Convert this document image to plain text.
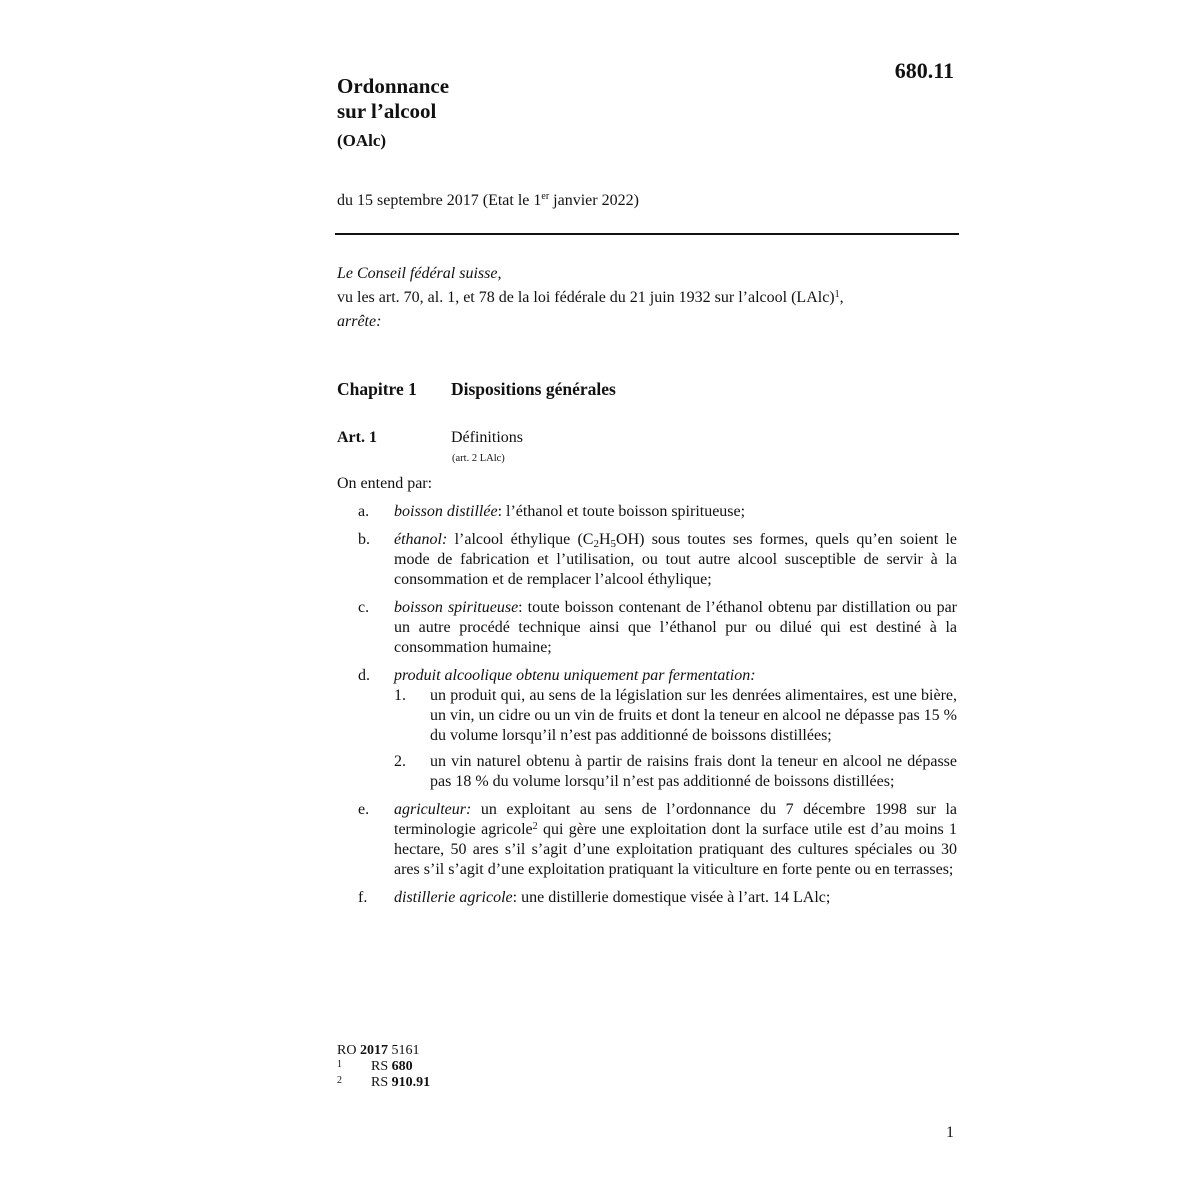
680.11
Ordonnance
sur l’alcool
(OAlc)
du 15 septembre 2017 (Etat le 1er janvier 2022)
Le Conseil fédéral suisse,
vu les art. 70, al. 1, et 78 de la loi fédérale du 21 juin 1932 sur l’alcool (LAlc)$^1$,
arrête:
Chapitre 1 Dispositions générales
Art. 1	Définitions
(art. 2 LAlc)
On entend par:
a. boisson distillée: l’éthanol et toute boisson spiritueuse;
b. éthanol: l’alcool éthylique $(C_2H_5OH)$ sous toutes ses formes, quels qu’en soient le mode de fabrication et l’utilisation, ou tout autre alcool susceptible de servir à la consommation et de remplacer l’alcool éthylique;
c. boisson spiritueuse: toute boisson contenant de l’éthanol obtenu par distillation ou par un autre procédé technique ainsi que l’éthanol pur ou dilué qui est destiné à la consommation humaine;
d. produit alcoolique obtenu uniquement par fermentation:
1. un produit qui, au sens de la législation sur les denrées alimentaires, est une bière, un vin, un cidre ou un vin de fruits et dont la teneur en alcool ne dépasse pas 15 % du volume lorsqu’il n’est pas additionné de boissons distillées;
2. un vin naturel obtenu à partir de raisins frais dont la teneur en alcool ne dépasse pas 18 % du volume lorsqu’il n’est pas additionné de boissons distillées;
e. agriculteur: un exploitant au sens de l’ordonnance du 7 décembre 1998 sur la terminologie agricole$^2$ qui gère une exploitation dont la surface utile est d’au moins 1 hectare, 50 ares s’il s’agit d’une exploitation pratiquant des cultures spéciales ou 30 ares s’il s’agit d’une exploitation pratiquant la viticulture en forte pente ou en terrasses;
f. distillerie agricole: une distillerie domestique visée à l’art. 14 LAlc;
RO 2017 5161
1 RS 680
2 RS 910.91
1
